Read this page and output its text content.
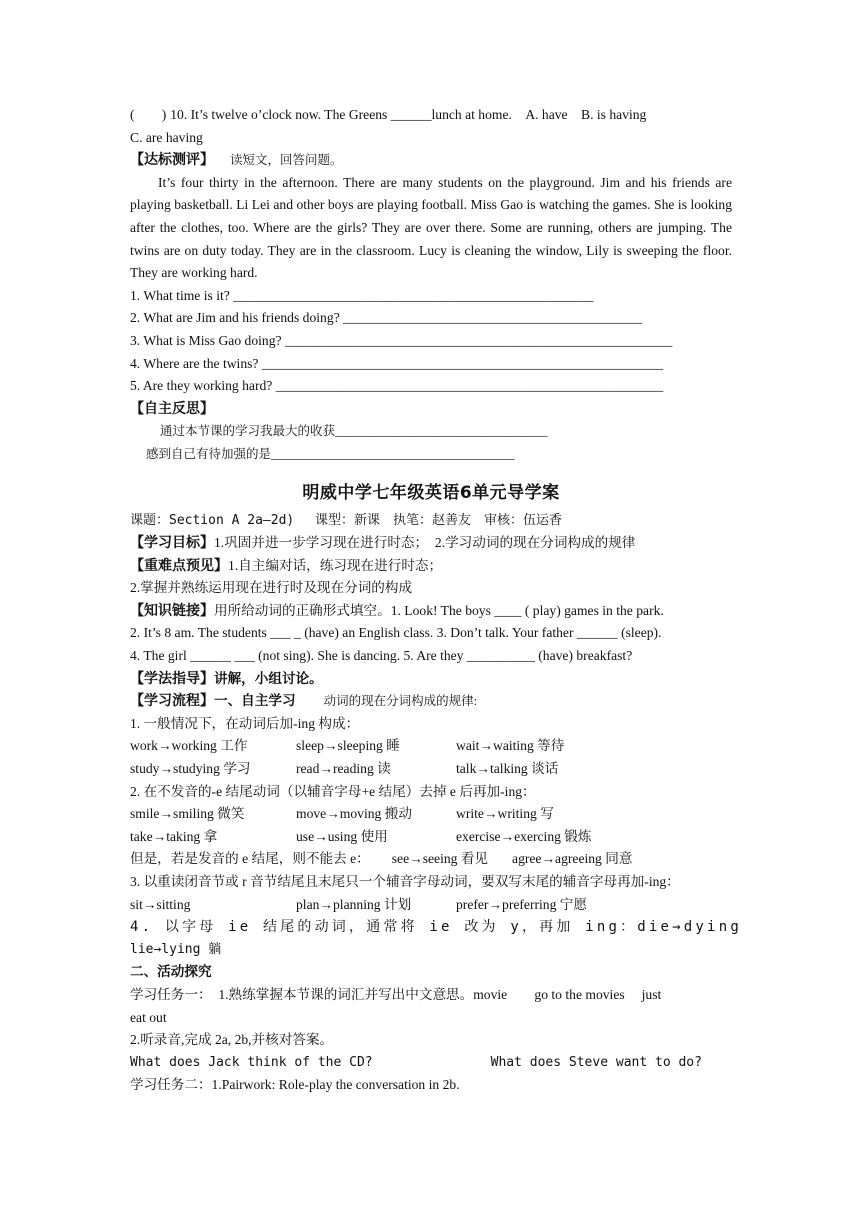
(　　) 10. It’s twelve o’clock now. The Greens ______lunch at home. A. have B. is having

C. are having

【达标测评】 读短文，回答问题。

It’s four thirty in the afternoon. There are many students on the playground. Jim and his friends are playing basketball. Li Lei and other boys are playing football. Miss Gao is watching the games. She is looking after the clothes, too. Where are the girls? They are over there. Some are running, others are jumping. The twins are on duty today. They are in the classroom. Lucy is cleaning the window, Lily is sweeping the floor. They are working hard.

1. What time is it? _____________________________________________________

2. What are Jim and his friends doing? ____________________________________________

3. What is Miss Gao doing? _________________________________________________________

4. Where are the twins? ___________________________________________________________

5. Are they working hard? _________________________________________________________

【自主反思】

通过本节课的学习我最大的收获__________________________________

感到自己有待加强的是_______________________________________

明威中学七年级英语6单元导学案

课题：Section A 2a—2d)　 课型：新课　执笔：赵善友　审核：伍运香

【学习目标】1.巩固并进一步学习现在进行时态；　2.学习动词的现在分词构成的规律

【重难点预见】1.自主编对话，练习现在进行时态；

2.掌握并熟练运用现在进行时及现在分词的构成

【知识链接】用所给动词的正确形式填空。1. Look! The boys ____ ( play) games in the park.

2. It’s 8 am. The students ___ _ (have) an English class. 3. Don’t talk. Your father ______ (sleep).

4. The girl ______ ___ (not sing). She is dancing. 5. Are they __________ (have) breakfast?

【学法指导】讲解，小组讨论。

【学习流程】一、自主学习 动词的现在分词构成的规律:

1. 一般情况下，在动词后加-ing 构成：

work→working 工作	sleep→sleeping 睡	wait→waiting 等待

study→studying 学习	read→reading 读	talk→talking 谈话

2. 在不发音的-e 结尾动词（以辅音字母+e 结尾）去掉 e 后再加-ing：

smile→smiling 微笑	move→moving 搬动	write→writing 写

take→taking 拿	use→using 使用	exercise→exercing 锻炼

但是，若是发音的 e 结尾，则不能去 e： see→seeing 看见 agree→agreeing 同意

3. 以重读闭音节或 r 音节结尾且末尾只一个辅音字母动词，要双写末尾的辅音字母再加-ing：

sit→sitting	plan→planning 计划	prefer→preferring 宁愿

4. 以字母 ie 结尾的动词，通常将 ie 改为 y，再加 ing：die→dying

lie→lying 躺

二、活动探究

学习任务一：　1.熟练掌握本节课的词汇并写出中文意思。movie　　go to the movies　 just

eat out

2.听录音,完成 2a, 2b,并核对答案。

What does Jack think of the CD?	What does Steve want to do?

学习任务二：1.Pairwork: Role-play the conversation in 2b.
